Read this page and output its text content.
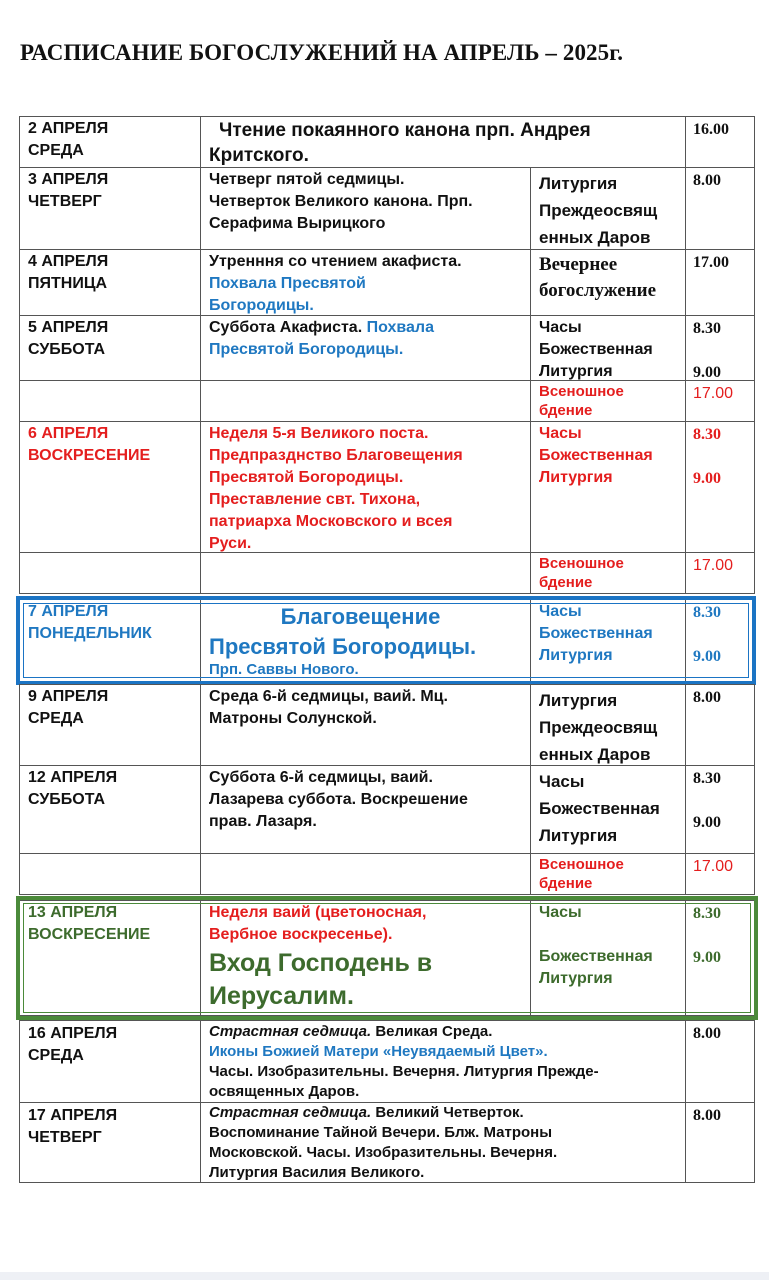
РАСПИСАНИЕ БОГОСЛУЖЕНИЙ НА АПРЕЛЬ – 2025г.
2 АПРЕЛЯ
СРЕДА
Чтение покаянного канона прп. Андрея
Критского.
16.00
3 АПРЕЛЯ
ЧЕТВЕРГ
Четверг пятой седмицы.
Четверток Великого канона. Прп.
Серафима Вырицкого
Литургия
Преждеосвящ
енных Даров
8.00
4 АПРЕЛЯ
ПЯТНИЦА
Утренння со чтением акафиста.
Похвала Пресвятой
Богородицы.
Вечернее
богослужение
17.00
5 АПРЕЛЯ
СУББОТА
Суббота Акафиста. Похвала
Пресвятой Богородицы.
Часы
Божественная
Литургия
8.30
9.00
Всеношное
бдение
17.00
6 АПРЕЛЯ
ВОСКРЕСЕНИЕ
Неделя 5-я Великого поста.
Предпразднство Благовещения
Пресвятой Богородицы.
Преставление свт. Тихона,
патриарха Московского и всея
Руси.
Часы
Божественная
Литургия
8.30
9.00
Всеношное
бдение
17.00
7 АПРЕЛЯ
ПОНЕДЕЛЬНИК
Благовещение
Пресвятой Богородицы.
Прп. Саввы Нового.
Часы
Божественная
Литургия
8.30
9.00
9 АПРЕЛЯ
СРЕДА
Среда 6-й седмицы, ваий. Мц.
Матроны Солунской.
Литургия
Преждеосвящ
енных Даров
8.00
12 АПРЕЛЯ
СУББОТА
Суббота 6-й седмицы, ваий.
Лазарева суббота. Воскрешение
прав. Лазаря.
Часы
Божественная
Литургия
8.30
9.00
Всеношное
бдение
17.00
13 АПРЕЛЯ
ВОСКРЕСЕНИЕ
Неделя ваий (цветоносная,
Вербное воскресенье).
Вход Господень в
Иерусалим.
Часы
Божественная
Литургия
8.30
9.00
16 АПРЕЛЯ
СРЕДА
Страстная седмица. Великая Среда.
Иконы Божией Матери «Неувядаемый Цвет».
Часы. Изобразительны. Вечерня. Литургия Преждe-
освященных Даров.
8.00
17 АПРЕЛЯ
ЧЕТВЕРГ
Страстная седмица. Великий Четверток.
Воспоминание Тайной Вечери. Блж. Матроны
Московской. Часы. Изобразительны. Вечерня.
Литургия Василия Великого.
8.00
